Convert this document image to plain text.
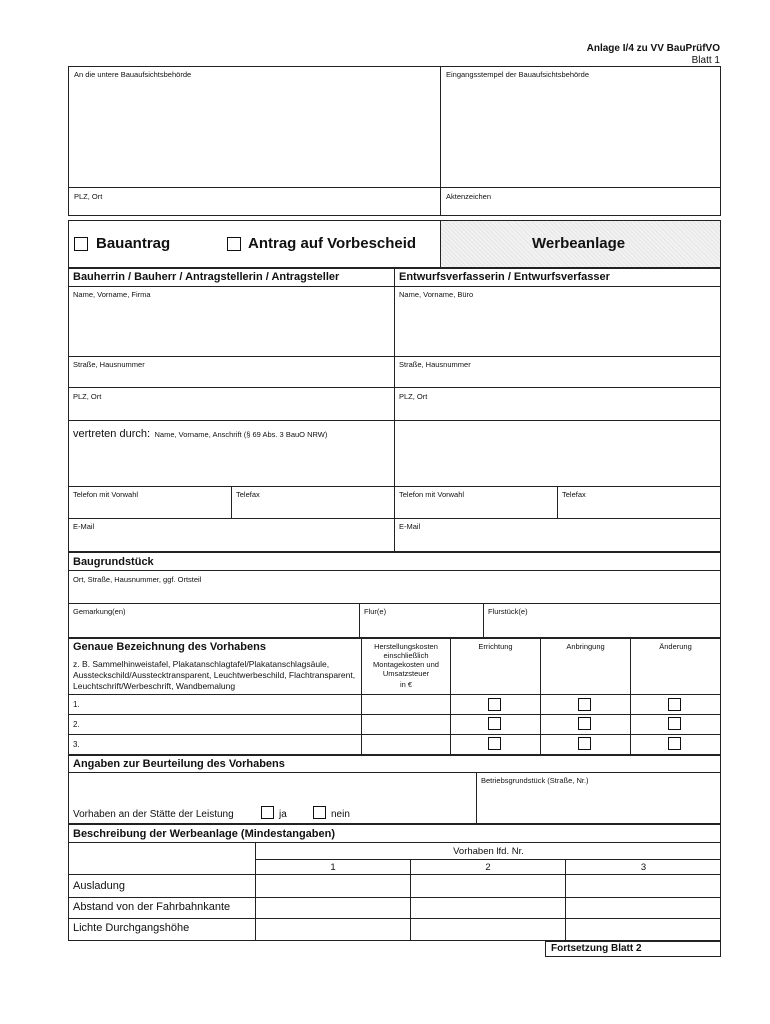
Anlage I/4 zu VV BauPrüfVO
Blatt 1
An die untere Bauaufsichtsbehörde	Eingangsstempel der Bauaufsichtsbehörde
PLZ, Ort	Aktenzeichen
Bauantrag	Antrag auf Vorbescheid	Werbeanlage
Bauherrin / Bauherr / Antragstellerin / Antragsteller	Entwurfsverfasserin / Entwurfsverfasser
Name, Vorname, Firma	Name, Vorname, Büro
Straße, Hausnummer	Straße, Hausnummer
PLZ, Ort	PLZ, Ort
vertreten durch: Name, Vorname, Anschrift (§ 69 Abs. 3 BauO NRW)
Telefon mit Vorwahl	Telefax	Telefon mit Vorwahl	Telefax
E-Mail	E-Mail
Baugrundstück
Ort, Straße, Hausnummer, ggf. Ortsteil
Gemarkung(en)	Flur(e)	Flurstück(e)
Genaue Bezeichnung des Vorhabens
z. B. Sammelhinweistafel, Plakatanschlagtafel/Plakatanschlagsäule, Aussteckschild/Ausstecktransparent, Leuchtwerbeschild, Flachtransparent, Leuchtschrift/Werbeschrift, Wandbemalung
Herstellungskosten einschließlich Montagekosten und Umsatzsteuer
in €
Errichtung	Anbringung	Änderung
1.
2.
3.
Angaben zur Beurteilung des Vorhabens
Betriebsgrundstück (Straße, Nr.)
Vorhaben an der Stätte der Leistung	ja	nein
Beschreibung der Werbeanlage (Mindestangaben)
Vorhaben lfd. Nr.
1	2	3
Ausladung
Abstand von der Fahrbahnkante
Lichte Durchgangshöhe
Fortsetzung Blatt 2
